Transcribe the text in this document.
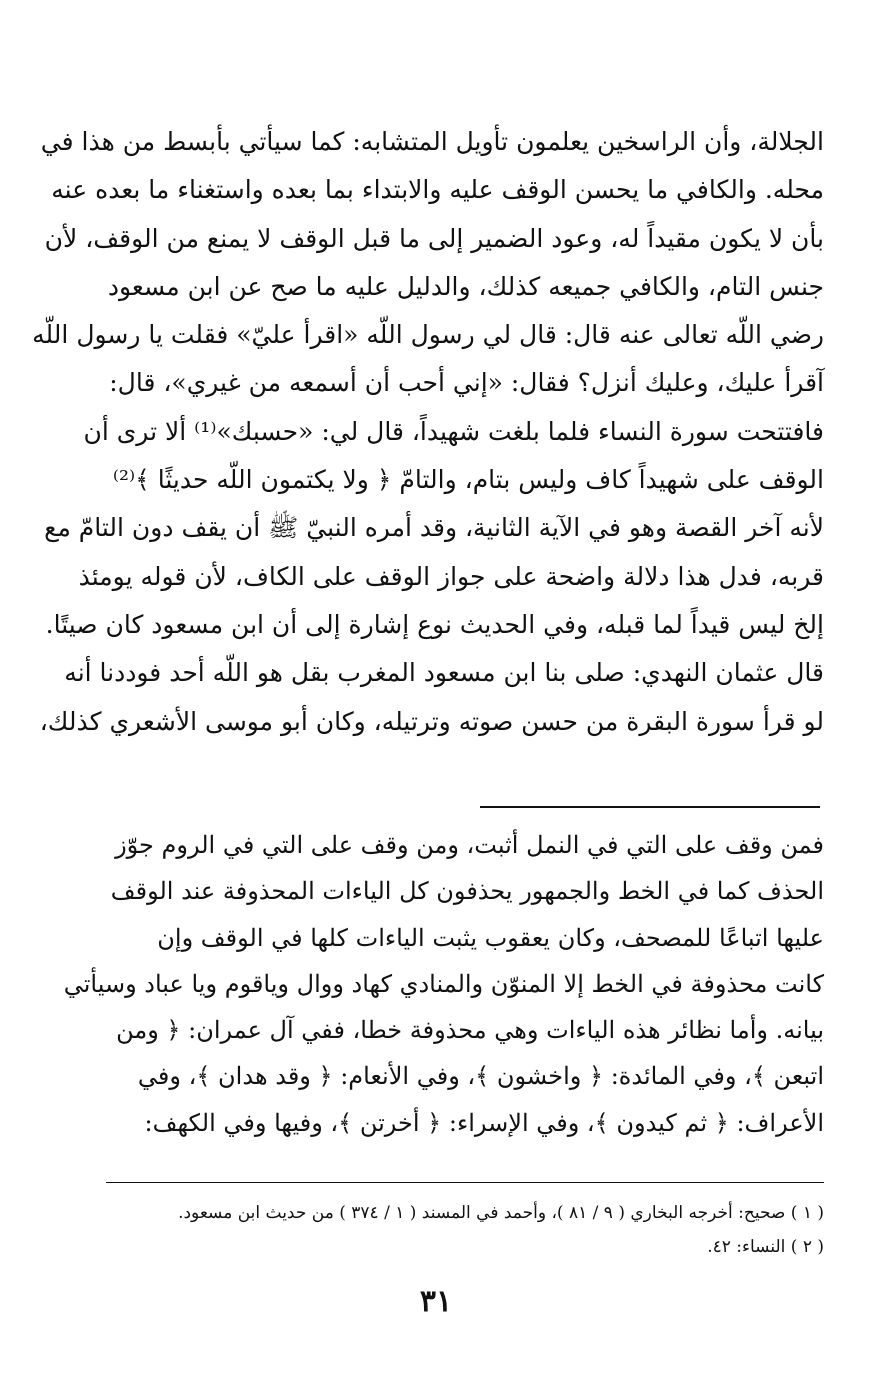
الجلالة، وأن الراسخين يعلمون تأويل المتشابه: كما سيأتي بأبسط من هذا في
محله. والكافي ما يحسن الوقف عليه والابتداء بما بعده واستغناء ما بعده عنه
بأن لا يكون مقيداً له، وعود الضمير إلى ما قبل الوقف لا يمنع من الوقف، لأن
جنس التام، والكافي جميعه كذلك، والدليل عليه ما صح عن ابن مسعود
رضي اللّه تعالى عنه قال: قال لي رسول اللّه «اقرأ عليّ» فقلت يا رسول اللّه
آقرأ عليك، وعليك أنزل؟ فقال: «إني أحب أن أسمعه من غيري»، قال:
فافتتحت سورة النساء فلما بلغت شهيداً، قال لي: «حسبك»⁽¹⁾ ألا ترى أن
الوقف على شهيداً كاف وليس بتام، والتامّ ﴿ ولا يكتمون اللّه حديثًا ﴾⁽²⁾
لأنه آخر القصة وهو في الآية الثانية، وقد أمره النبيّ ﷺ أن يقف دون التامّ مع
قربه، فدل هذا دلالة واضحة على جواز الوقف على الكاف، لأن قوله يومئذ
إلخ ليس قيداً لما قبله، وفي الحديث نوع إشارة إلى أن ابن مسعود كان صيتًا.
قال عثمان النهدي: صلى بنا ابن مسعود المغرب بقل هو اللّه أحد فوددنا أنه
لو قرأ سورة البقرة من حسن صوته وترتيله، وكان أبو موسى الأشعري كذلك،
فمن وقف على التي في النمل أثبت، ومن وقف على التي في الروم جوّز
الحذف كما في الخط والجمهور يحذفون كل الياءات المحذوفة عند الوقف
عليها اتباعًا للمصحف، وكان يعقوب يثبت الياءات كلها في الوقف وإن
كانت محذوفة في الخط إلا المنوّن والمنادي كهاد ووال وياقوم ويا عباد وسيأتي
بيانه. وأما نظائر هذه الياءات وهي محذوفة خطا، ففي آل عمران: ﴿ ومن
اتبعن ﴾، وفي المائدة: ﴿ واخشون ﴾، وفي الأنعام: ﴿ وقد هدان ﴾، وفي
الأعراف: ﴿ ثم كيدون ﴾، وفي الإسراء: ﴿ أخرتن ﴾، وفيها وفي الكهف:
( ١ ) صحيح: أخرجه البخاري ( ٩ / ٨١ )، وأحمد في المسند ( ١ / ٣٧٤ ) من حديث ابن مسعود.
( ٢ ) النساء: ٤٢.
٣١
